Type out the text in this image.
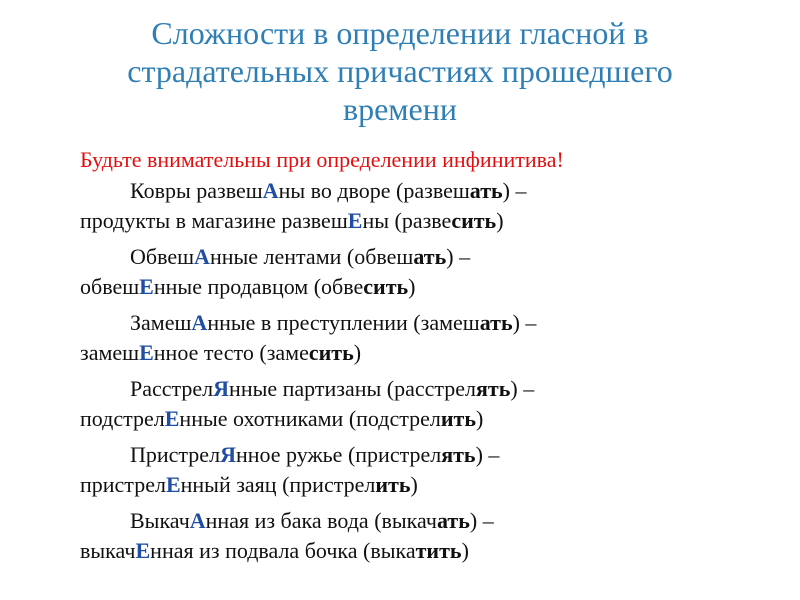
Сложности в определении гласной в
страдательных причастиях прошедшего
времени
Будьте внимательны при определении инфинитива!
Ковры развешАны во дворе (развешать) –
продукты в магазине развешЕны (развесить)
ОбвешАнные лентами (обвешать) –
обвешЕнные продавцом (обвесить)
ЗамешАнные в преступлении (замешать) –
замешЕнное тесто (замесить)
РасстрелЯнные партизаны (расстрелять) –
подстрелЕнные охотниками (подстрелить)
ПристрелЯнное ружье (пристрелять) –
пристрелЕнный заяц (пристрелить)
ВыкачАнная из бака вода (выкачать) –
выкачЕнная из подвала бочка (выкатить)
